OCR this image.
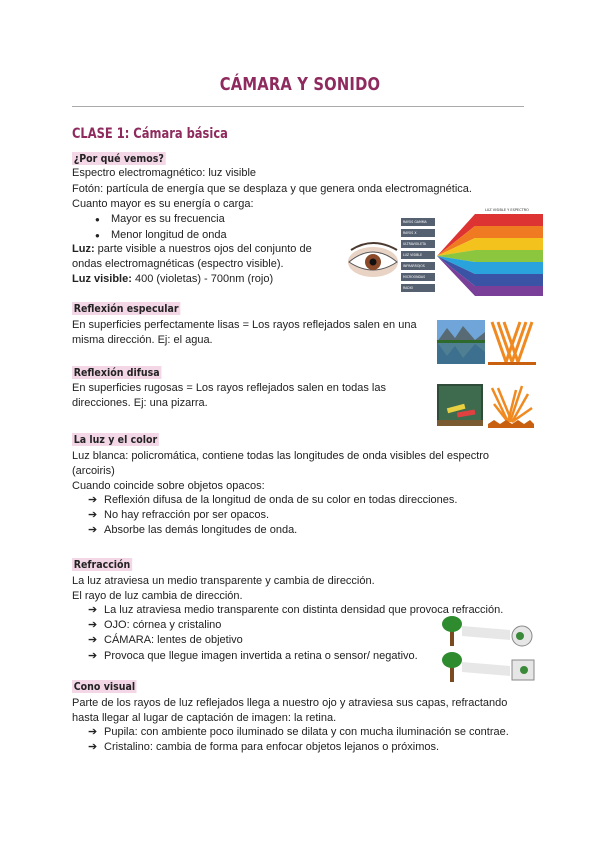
CÁMARA Y SONIDO
CLASE 1: Cámara básica
¿Por qué vemos?
Espectro electromagnético: luz visible
Fotón: partícula de energía que se desplaza y que genera onda electromagnética.
Cuanto mayor es su energía o carga:
● Mayor es su frecuencia
● Menor longitud de onda
Luz: parte visible a nuestros ojos del conjunto de
ondas electromagnéticas (espectro visible).
Luz visible: 400 (violetas) - 700nm (rojo)
LUZ VISIBLE Y ESPECTRO
RAYOS GAMMA
RAYOS X
ULTRAVIOLETA
LUZ VISIBLE
INFRARROJOS
MICROONDAS
RADIO
Reflexión especular
En superficies perfectamente lisas = Los rayos reflejados salen en una
misma dirección. Ej: el agua.
Reflexión difusa
En superficies rugosas = Los rayos reflejados salen en todas las
direcciones. Ej: una pizarra.
La luz y el color
Luz blanca: policromática, contiene todas las longitudes de onda visibles del espectro
(arcoiris)
Cuando coincide sobre objetos opacos:
➔ Reflexión difusa de la longitud de onda de su color en todas direcciones.
➔ No hay refracción por ser opacos.
➔ Absorbe las demás longitudes de onda.
Refracción
La luz atraviesa un medio transparente y cambia de dirección.
El rayo de luz cambia de dirección.
➔ La luz atraviesa medio transparente con distinta densidad que provoca refracción.
➔ OJO: córnea y cristalino
➔ CÁMARA: lentes de objetivo
➔ Provoca que llegue imagen invertida a retina o sensor/ negativo.
Cono visual
Parte de los rayos de luz reflejados llega a nuestro ojo y atraviesa sus capas, refractando
hasta llegar al lugar de captación de imagen: la retina.
➔ Pupila: con ambiente poco iluminado se dilata y con mucha iluminación se contrae.
➔ Cristalino: cambia de forma para enfocar objetos lejanos o próximos.
